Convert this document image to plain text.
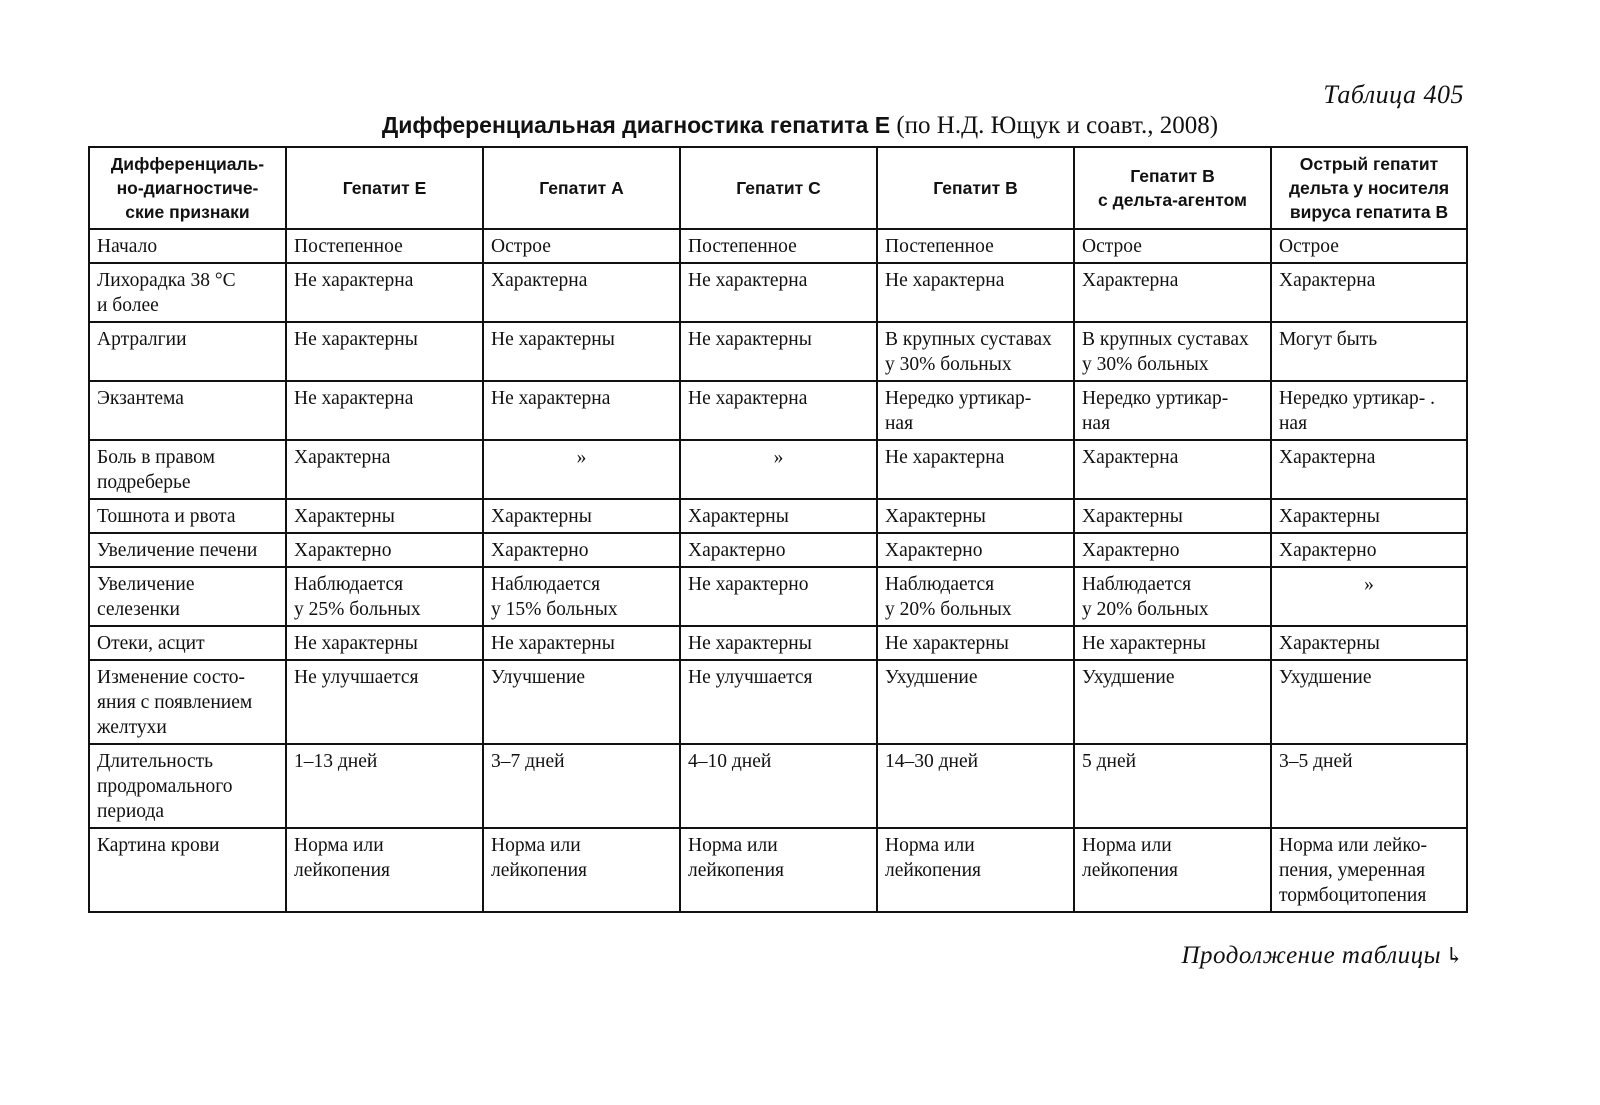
Таблица 405
Дифференциальная диагностика гепатита Е (по Н.Д. Ющук и соавт., 2008)
Дифференциаль-
но-диагностиче-
ские признаки	Гепатит Е	Гепатит А	Гепатит С	Гепатит В	Гепатит В
с дельта-агентом	Острый гепатит
дельта у носителя
вируса гепатита В
Начало	Постепенное	Острое	Постепенное	Постепенное	Острое	Острое
Лихорадка 38 °С
и более	Не характерна	Характерна	Не характерна	Не характерна	Характерна	Характерна
Артралгии	Не характерны	Не характерны	Не характерны	В крупных суставах
у 30% больных	В крупных суставах
у 30% больных	Могут быть
Экзантема	Не характерна	Не характерна	Не характерна	Нередко уртикар-
ная	Нередко уртикар-
ная	Нередко уртикар- .
ная
Боль в правом
подреберье	Характерна	»	»	Не характерна	Характерна	Характерна
Тошнота и рвота	Характерны	Характерны	Характерны	Характерны	Характерны	Характерны
Увеличение печени	Характерно	Характерно	Характерно	Характерно	Характерно	Характерно
Увеличение
селезенки	Наблюдается
у 25% больных	Наблюдается
у 15% больных	Не характерно	Наблюдается
у 20% больных	Наблюдается
у 20% больных	»
Отеки, асцит	Не характерны	Не характерны	Не характерны	Не характерны	Не характерны	Характерны
Изменение состо-
яния с появлением
желтухи	Не улучшается	Улучшение	Не улучшается	Ухудшение	Ухудшение	Ухудшение
Длительность
продромального
периода	1–13 дней	3–7 дней	4–10 дней	14–30 дней	5 дней	3–5 дней
Картина крови	Норма или
лейкопения	Норма или
лейкопения	Норма или
лейкопения	Норма или
лейкопения	Норма или
лейкопения	Норма или лейко-
пения, умеренная
тормбоцитопения
Продолжение таблицы ↳
